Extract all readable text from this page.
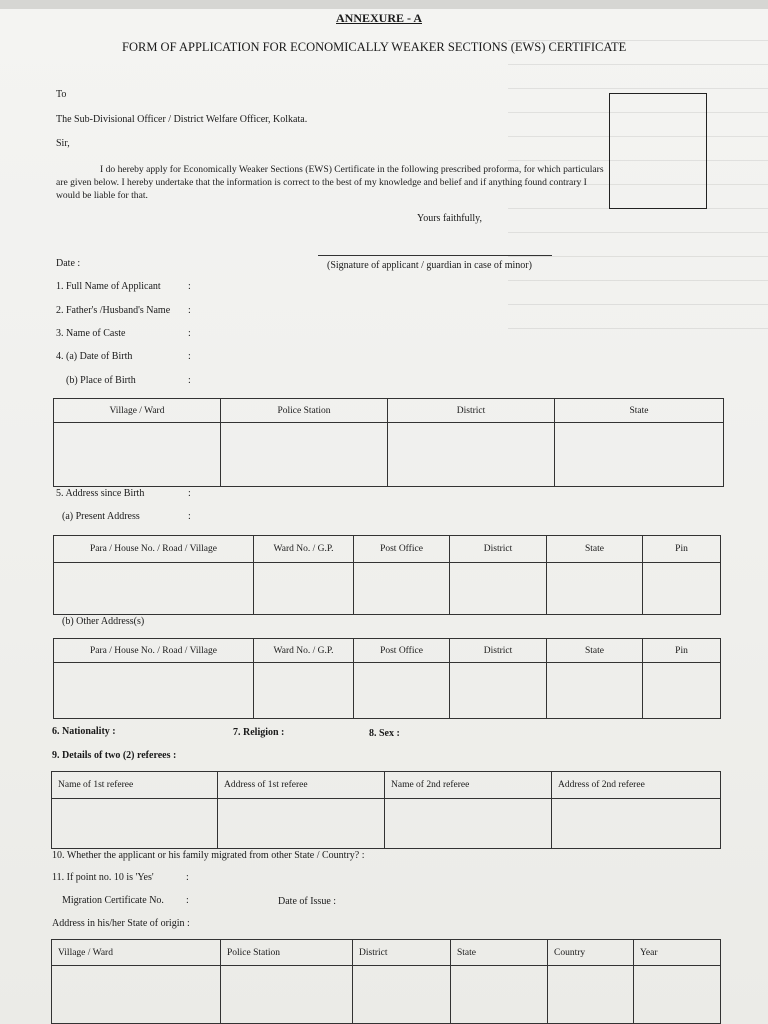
ANNEXURE - A
FORM OF APPLICATION FOR ECONOMICALLY WEAKER SECTIONS (EWS) CERTIFICATE
To
The Sub-Divisional Officer / District Welfare Officer, Kolkata.
Sir,
I do hereby apply for Economically Weaker Sections (EWS) Certificate in the following prescribed proforma, for which particulars are given below. I hereby undertake that the information is correct to the best of my knowledge and belief and if anything found contrary I would be liable for that.
Yours faithfully,
Date :	(Signature of applicant / guardian in case of minor)
1. Full Name of Applicant	:
2. Father's /Husband's Name :
3. Name of Caste	:
4. (a) Date of Birth	:
(b) Place of Birth	:
Village / Ward	Police Station	District	State

5. Address since Birth	:
(a) Present Address	:
Para / House No. / Road / Village	Ward No. / G.P.	Post Office	District	State	Pin

(b) Other Address(s)
Para / House No. / Road / Village	Ward No. / G.P.	Post Office	District	State	Pin

6. Nationality :	7. Religion :	8. Sex :
9. Details of two (2) referees :
Name of 1st referee	Address of 1st referee	Name of 2nd referee	Address of 2nd referee

10. Whether the applicant or his family migrated from other State / Country? :
11. If point no. 10 is 'Yes'	:
Migration Certificate No. :	Date of Issue :
Address in his/her State of origin :
Village / Ward	Police Station	District	State	Country	Year
